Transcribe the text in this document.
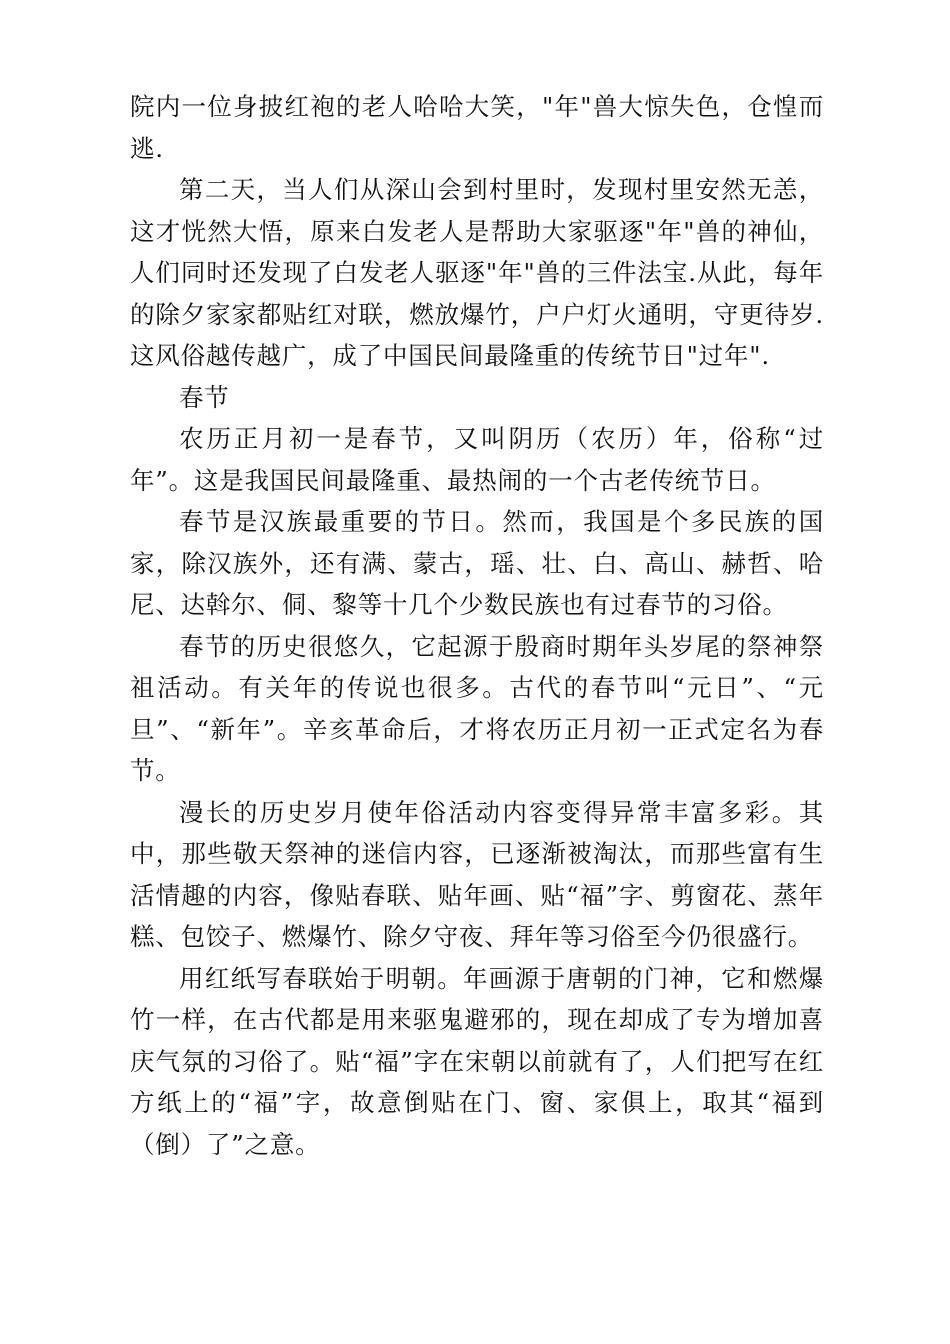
院内一位身披红袍的老人哈哈大笑，"年"兽大惊失色，仓惶而逃.

第二天，当人们从深山会到村里时，发现村里安然无恙，这才恍然大悟，原来白发老人是帮助大家驱逐"年"兽的神仙，人们同时还发现了白发老人驱逐"年"兽的三件法宝.从此，每年的除夕家家都贴红对联，燃放爆竹，户户灯火通明，守更待岁.这风俗越传越广，成了中国民间最隆重的传统节日"过年".

春节

农历正月初一是春节，又叫阴历（农历）年，俗称“过年”。这是我国民间最隆重、最热闹的一个古老传统节日。

春节是汉族最重要的节日。然而，我国是个多民族的国家，除汉族外，还有满、蒙古，瑶、壮、白、高山、赫哲、哈尼、达斡尔、侗、黎等十几个少数民族也有过春节的习俗。

春节的历史很悠久，它起源于殷商时期年头岁尾的祭神祭祖活动。有关年的传说也很多。古代的春节叫“元日”、“元旦”、“新年”。辛亥革命后，才将农历正月初一正式定名为春节。

漫长的历史岁月使年俗活动内容变得异常丰富多彩。其中，那些敬天祭神的迷信内容，已逐渐被淘汰，而那些富有生活情趣的内容，像贴春联、贴年画、贴“福”字、剪窗花、蒸年糕、包饺子、燃爆竹、除夕守夜、拜年等习俗至今仍很盛行。

用红纸写春联始于明朝。年画源于唐朝的门神，它和燃爆竹一样，在古代都是用来驱鬼避邪的，现在却成了专为增加喜庆气氛的习俗了。贴“福”字在宋朝以前就有了，人们把写在红方纸上的“福”字，故意倒贴在门、窗、家俱上，取其“福到（倒）了”之意。
